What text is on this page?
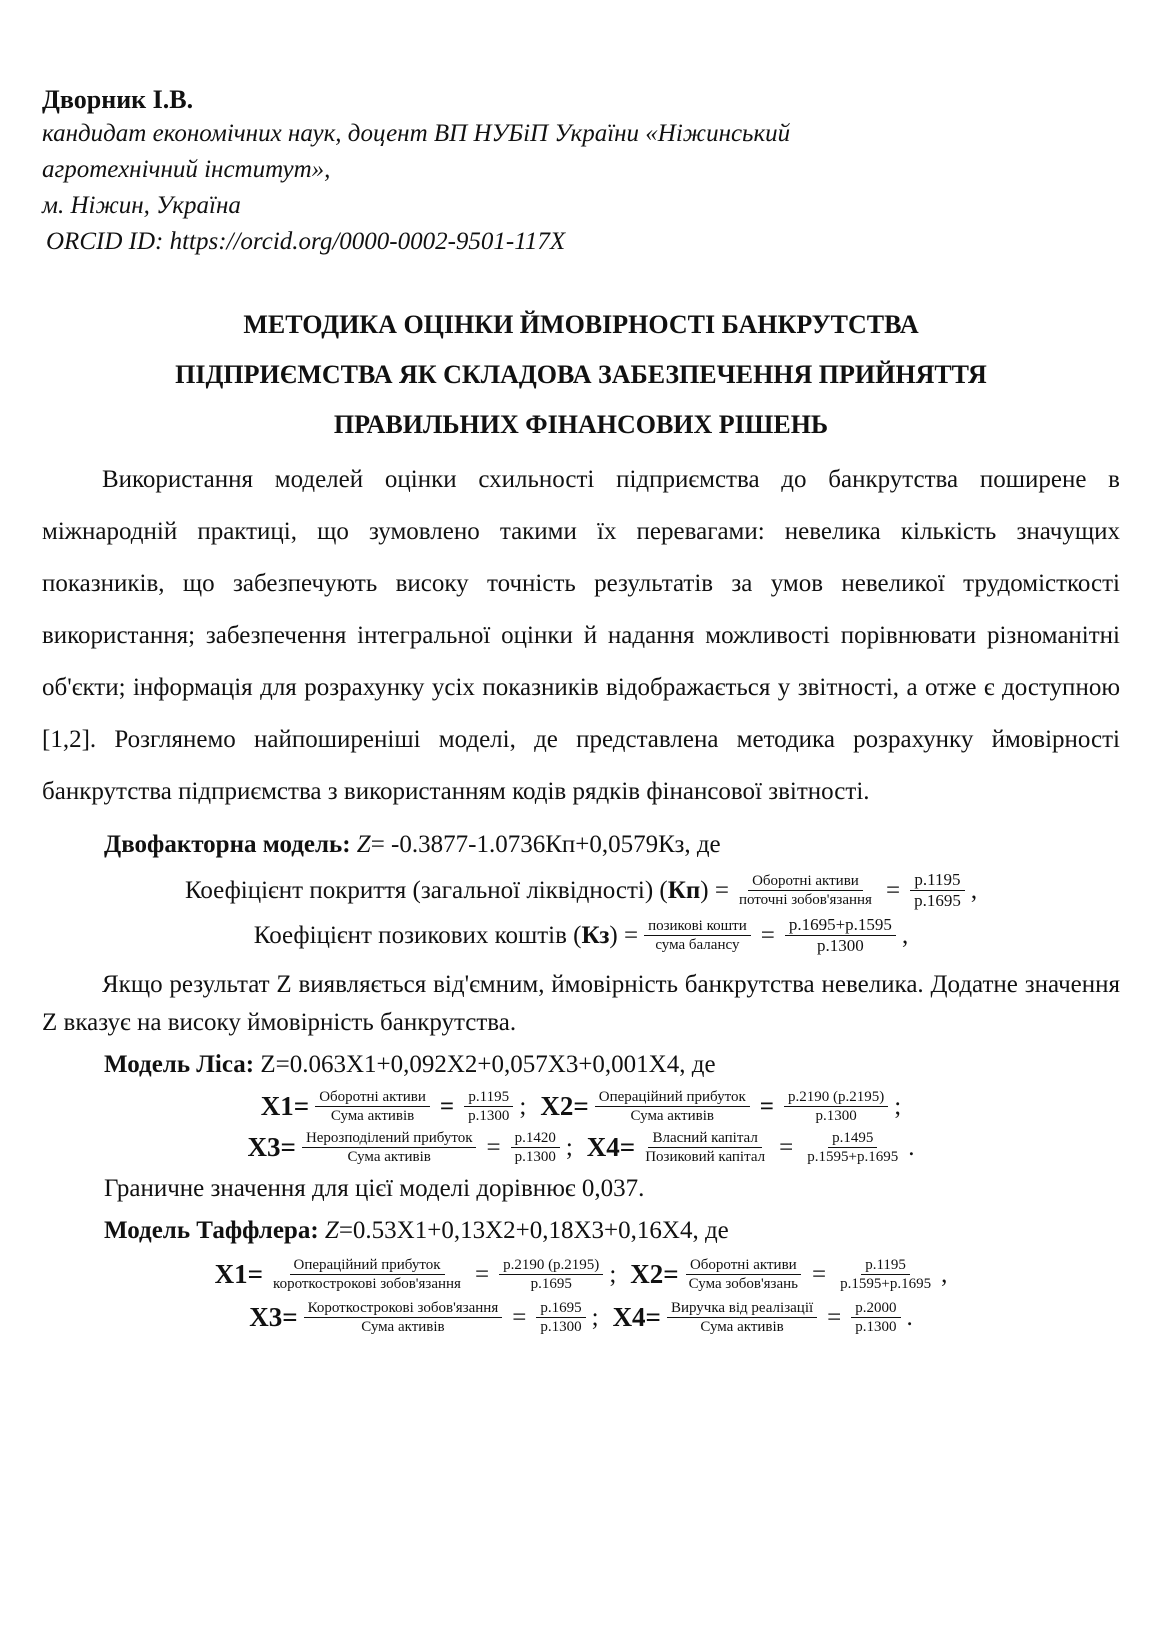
Дворник І.В.
кандидат економічних наук, доцент ВП НУБіП України «Ніжинський
агротехнічний інститут»,
м. Ніжин, Україна
ORCID ID: https://orcid.org/0000-0002-9501-117X
МЕТОДИКА ОЦІНКИ ЙМОВІРНОСТІ БАНКРУТСТВА
ПІДПРИЄМСТВА ЯК СКЛАДОВА ЗАБЕЗПЕЧЕННЯ ПРИЙНЯТТЯ
ПРАВИЛЬНИХ ФІНАНСОВИХ РІШЕНЬ
Використання моделей оцінки схильності підприємства до банкрутства поширене в міжнародній практиці, що зумовлено такими їх перевагами: невелика кількість значущих показників, що забезпечують високу точність результатів за умов невеликої трудомісткості використання; забезпечення інтегральної оцінки й надання можливості порівнювати різноманітні об'єкти; інформація для розрахунку усіх показників відображається у звітності, а отже є доступною [1,2]. Розглянемо найпоширеніші моделі, де представлена методика розрахунку ймовірності банкрутства підприємства з використанням кодів рядків фінансової звітності.
Двофакторна модель: Z= -0.3877-1.0736Кп+0,0579Кз, де
Коефіцієнт покриття (загальної ліквідності) ( Кп ) = $\frac{\text{Оборотні активи}}{\text{поточні зобов'язання}} = \frac{р.1195}{р.1695}$ ,
Коефіцієнт позикових коштів ( Кз ) = $\frac{\text{позикові кошти}}{\text{сума балансу}} = \frac{р.1695+р.1595}{р.1300}$ ,
Якщо результат Z виявляється від'ємним, ймовірність банкрутства невелика. Додатне значення Z вказує на високу ймовірність банкрутства.
Модель Ліса: Z=0.063X1+0,092X2+0,057X3+0,001X4, де
$X1= \frac{\text{Оборотні активи}}{\text{Сума активів}} = \frac{р.1195}{р.1300}$ ; $X2= \frac{\text{Операційний прибуток}}{\text{Сума активів}} = \frac{р.2190 (р.2195)}{р.1300}$ ;
$X3= \frac{\text{Нерозподілений прибуток}}{\text{Сума активів}} = \frac{р.1420}{р.1300}$ ; $X4= \frac{\text{Власний капітал}}{\text{Позиковий капітал}} = \frac{р.1495}{р.1595+р.1695}$ .
Граничне значення для цієї моделі дорівнює 0,037.
Модель Таффлера: Z=0.53X1+0,13X2+0,18X3+0,16X4, де
$X1= \frac{\text{Операційний прибуток}}{\text{короткострокові зобов'язання}} = \frac{р.2190 (р.2195)}{р.1695}$ ; $X2= \frac{\text{Оборотні активи}}{\text{Сума зобов'язань}} = \frac{р.1195}{р.1595+р.1695}$ ,
$X3= \frac{\text{Короткострокові зобов'язання}}{\text{Сума активів}} = \frac{р.1695}{р.1300}$ ; $X4= \frac{\text{Виручка від реалізації}}{\text{Сума активів}} = \frac{р.2000}{р.1300}$ .
